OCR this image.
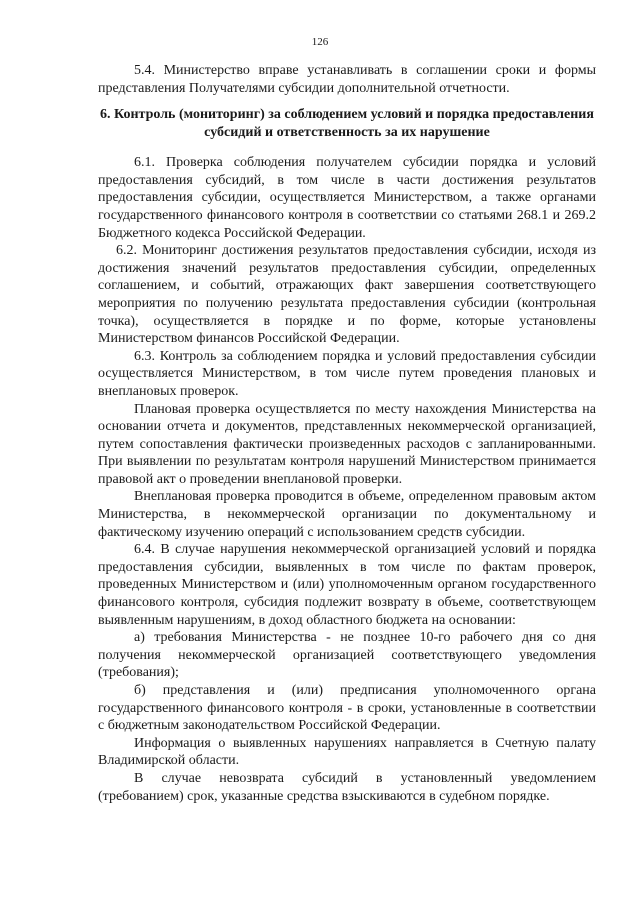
126

5.4. Министерство вправе устанавливать в соглашении сроки и формы представления Получателями субсидии дополнительной отчетности.

6. Контроль (мониторинг) за соблюдением условий и порядка предоставления субсидий и ответственность за их нарушение

6.1. Проверка соблюдения получателем субсидии порядка и условий предоставления субсидий, в том числе в части достижения результатов предоставления субсидии, осуществляется Министерством, а также органами государственного финансового контроля в соответствии со статьями 268.1 и 269.2 Бюджетного кодекса Российской Федерации.

6.2. Мониторинг достижения результатов предоставления субсидии, исходя из достижения значений результатов предоставления субсидии, определенных соглашением, и событий, отражающих факт завершения соответствующего мероприятия по получению результата предоставления субсидии (контрольная точка), осуществляется в порядке и по форме, которые установлены Министерством финансов Российской Федерации.

6.3. Контроль за соблюдением порядка и условий предоставления субсидии осуществляется Министерством, в том числе путем проведения плановых и внеплановых проверок.

Плановая проверка осуществляется по месту нахождения Министерства на основании отчета и документов, представленных некоммерческой организацией, путем сопоставления фактически произведенных расходов с запланированными. При выявлении по результатам контроля нарушений Министерством принимается правовой акт о проведении внеплановой проверки.

Внеплановая проверка проводится в объеме, определенном правовым актом Министерства, в некоммерческой организации по документальному и фактическому изучению операций с использованием средств субсидии.

6.4. В случае нарушения некоммерческой организацией условий и порядка предоставления субсидии, выявленных в том числе по фактам проверок, проведенных Министерством и (или) уполномоченным органом государственного финансового контроля, субсидия подлежит возврату в объеме, соответствующем выявленным нарушениям, в доход областного бюджета на основании:

а) требования Министерства - не позднее 10-го рабочего дня со дня получения некоммерческой организацией соответствующего уведомления (требования);

б) представления и (или) предписания уполномоченного органа государственного финансового контроля - в сроки, установленные в соответствии с бюджетным законодательством Российской Федерации.

Информация о выявленных нарушениях направляется в Счетную палату Владимирской области.

В случае невозврата субсидий в установленный уведомлением (требованием) срок, указанные средства взыскиваются в судебном порядке.
